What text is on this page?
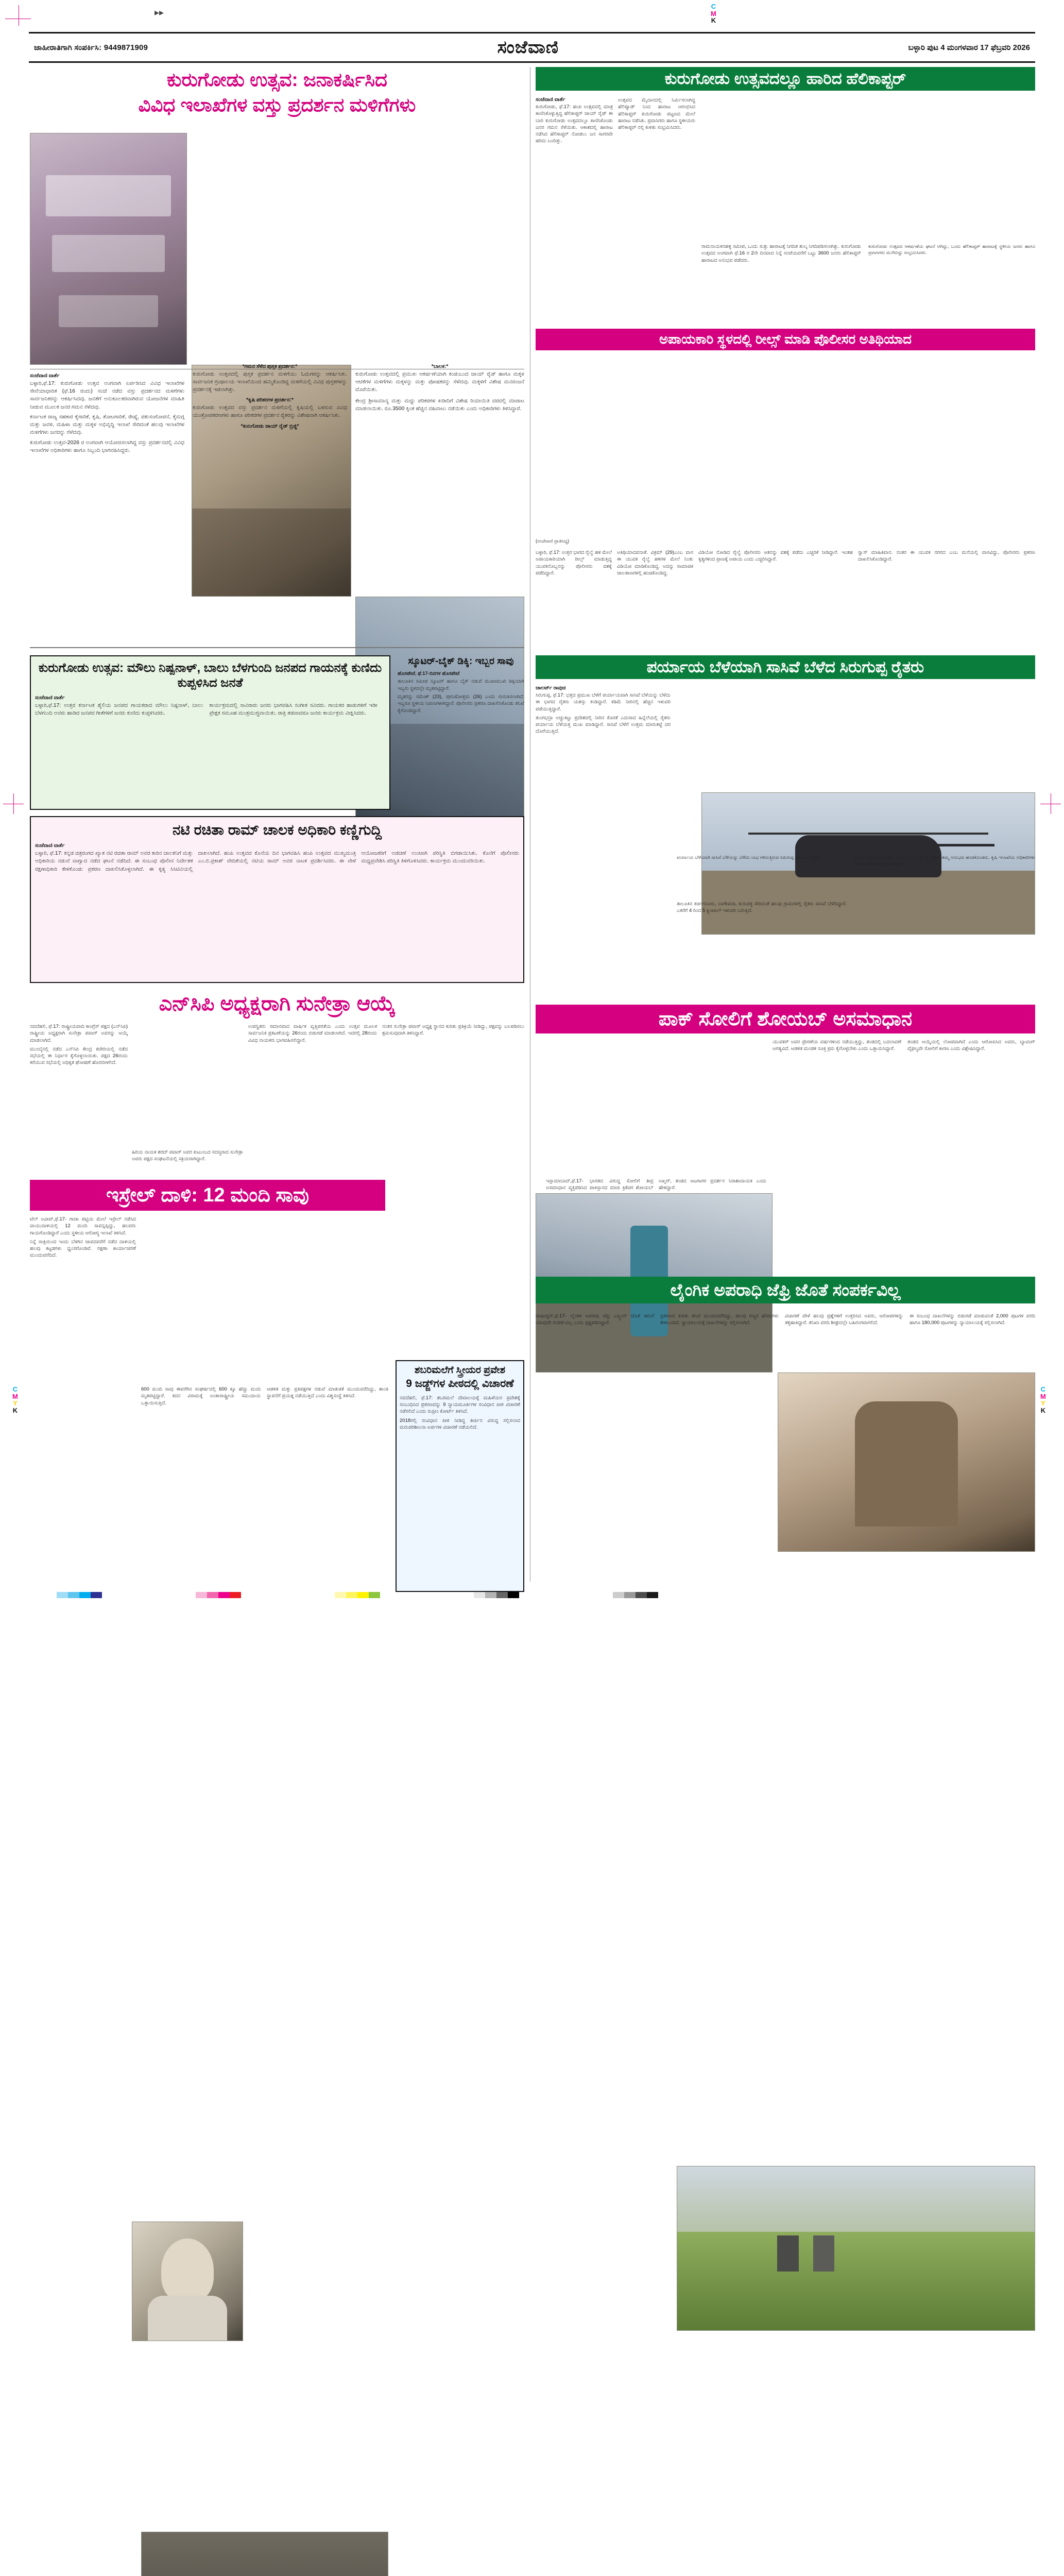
▸▸
C
M
K
ಜಾಹೀರಾತಿಗಾಗಿ ಸಂಪರ್ಕಿಸಿ: 9449871909	ಸಂಜೆವಾಣಿ	ಬಳ್ಳಾರಿ ಪುಟ 4 ಮಂಗಳವಾರ 17 ಫೆಬ್ರವರಿ 2026
ಕುರುಗೋಡು ಉತ್ಸವ: ಜನಾಕರ್ಷಿಸಿದ
ವಿವಿಧ ಇಲಾಖೆಗಳ ವಸ್ತು ಪ್ರದರ್ಶನ ಮಳಿಗೆಗಳು
ಸಂಜೆವಾಣಿ ವಾರ್ತೆ
ಬಳ್ಳಾರಿ,ಫೆ.17: ಕುರುಗೋಡು ಉತ್ಸವ ಅಂಗವಾಗಿ ಏರ್ಪಡಿಸಿದ ವಿವಿಧ ಇಲಾಖೆಗಳ ಸೇವೆಯಾಧಾರಿತ (ಫೆ.16 ರಂದು) ಸಂಜೆ ನಡೆದ ವಸ್ತು ಪ್ರದರ್ಶನದ ಮಳಿಗೆಗಳು ಸಾರ್ವಜನಿಕರನ್ನು ಆಕರ್ಷಿಸಿದವು. ಜನತೆಗೆ ಅನುಕೂಲಕರವಾಗಿರುವ ಯೋಜನೆಗಳ ಮಾಹಿತಿ ನೀಡುವ ಮೂಲಕ ಜನರ ಗಮನ ಸೆಳೆದವು.
ಕರ್ನಾಟಕ ರಾಜ್ಯ ಸಹಕಾರ ಕೈಗಾರಿಕೆ, ಕೃಷಿ, ತೋಟಗಾರಿಕೆ, ರೇಷ್ಮೆ, ಪಶುಸಂಗೋಪನೆ, ಕೈಮಗ್ಗ ಮತ್ತು ಜವಳಿ, ಮಹಿಳಾ ಮತ್ತು ಮಕ್ಕಳ ಅಭಿವೃದ್ಧಿ ಇಲಾಖೆ ಸೇರಿದಂತೆ ಹಲವು ಇಲಾಖೆಗಳ ಮಳಿಗೆಗಳು ಜನರನ್ನು ಸೆಳೆದವು.
ಕುರುಗೋಡು ಉತ್ಸವ-2026 ರ ಅಂಗವಾಗಿ ಆಯೋಜಿಸಲಾಗಿದ್ದ ವಸ್ತು ಪ್ರದರ್ಶನದಲ್ಲಿ ವಿವಿಧ ಇಲಾಖೆಗಳ ಅಧಿಕಾರಿಗಳು ಹಾಗೂ ಸಿಬ್ಬಂದಿ ಭಾಗವಹಿಸಿದ್ದರು.
*ಗಮನ ಸೆಳೆದ ಪುಸ್ತಕ ಪ್ರದರ್ಶನ:*
ಕುರುಗೋಡು ಉತ್ಸವದಲ್ಲಿ ಪುಸ್ತಕ ಪ್ರದರ್ಶನ ಮಳಿಗೆಯು ಓದುಗರನ್ನು ಆಕರ್ಷಿಸಿತು. ಸಾರ್ವಜನಿಕ ಗ್ರಂಥಾಲಯ ಇಲಾಖೆಯಿಂದ ಹಮ್ಮಿಕೊಂಡಿದ್ದ ಮಳಿಗೆಯಲ್ಲಿ ವಿವಿಧ ಪುಸ್ತಕಗಳನ್ನು ಪ್ರದರ್ಶನಕ್ಕೆ ಇಡಲಾಗಿತ್ತು.
*ಕೃಷಿ ಪರಿಕರಗಳ ಪ್ರದರ್ಶನ:*
ಕುರುಗೋಡು ಉತ್ಸವದ ವಸ್ತು ಪ್ರದರ್ಶನ ಮಳಿಗೆಯಲ್ಲಿ ಕೃಷಿಯಲ್ಲಿ ಬಳಸುವ ವಿವಿಧ ಯಂತ್ರೋಪಕರಣಗಳು ಹಾಗೂ ಪರಿಕರಗಳ ಪ್ರದರ್ಶನ ರೈತರನ್ನು ವಿಶೇಷವಾಗಿ ಆಕರ್ಷಿಸಿತು.
*ಕುರುಗೋಡು ಜಾಯ್ ರೈಡ್ ಬ್ರಿಜ್ಜಿ*
*ಬಾಲಕ:*
ಕುರುಗೋಡು ಉತ್ಸವದಲ್ಲಿ ಪ್ರಮುಖ ಆಕರ್ಷಣೆಯಾಗಿ ಕಂಡುಬಂದ ಜಾಯ್ ರೈಡ್ ಹಾಗೂ ಮಕ್ಕಳ ಆಟಿಕೆಗಳ ಮಳಿಗೆಗಳು ಮಕ್ಕಳನ್ನು ಮತ್ತು ಪೋಷಕರನ್ನು ಸೆಳೆದವು. ಮಕ್ಕಳಿಗೆ ವಿಶೇಷ ಮನರಂಜನೆ ದೊರೆಯಿತು.
ಕೇಂದ್ರ ಶ್ರೀಸಾಮಾನ್ಯ ಮತ್ತು ಮದ್ದು ಪರಿಕರಗಳ ಖರೀದಿಗೆ ವಿಶೇಷ ರಿಯಾಯಿತಿ ದರದಲ್ಲಿ ಮಾರಾಟ ಮಾಡಲಾಯಿತು. ರೂ.3500 ಕ್ಕಿಂತ ಹೆಚ್ಚಿನ ವಹಿವಾಟು ನಡೆಯಿತು ಎಂದು ಅಧಿಕಾರಿಗಳು ತಿಳಿಸಿದ್ದಾರೆ.
ಕುರುಗೋಡು ಉತ್ಸವದಲ್ಲೂ ಹಾರಿದ ಹೆಲಿಕಾಪ್ಟರ್
ಸಂಜೆವಾಣಿ ವಾರ್ತೆ
ಕುರುಗೋಡು, ಫೆ.17: ಹಂಪಿ ಉತ್ಸವದಲ್ಲಿ ಮಾತ್ರ ಕಾಣಿಸಿಕೊಳ್ಳುತ್ತಿದ್ದ ಹೆಲಿಕಾಪ್ಟರ್ ಜಾಯ್ ರೈಡ್ ಈ ಬಾರಿ ಕುರುಗೋಡು ಉತ್ಸವದಲ್ಲೂ ಕಾಣಿಸಿಕೊಂಡು ಜನರ ಗಮನ ಸೆಳೆಯಿತು. ಆಕಾಶದಲ್ಲಿ ಹಾರಾಟ ನಡೆಸಿದ ಹೆಲಿಕಾಪ್ಟರ್ ನೋಡಲು ಜನ ಸಾಗರವೇ ಹರಿದು ಬಂದಿತ್ತು.
ಉತ್ಸವದ ಮೈದಾನದಲ್ಲಿ ನಿರ್ಮಿಸಲಾಗಿದ್ದ ಹೆಲಿಪ್ಯಾಡ್ ನಿಂದ ಹಾರಾಟ ಆರಂಭಿಸಿದ ಹೆಲಿಕಾಪ್ಟರ್ ಕುರುಗೋಡು ಪಟ್ಟಣದ ಮೇಲೆ ಹಾರಾಟ ನಡೆಸಿತು. ಪ್ರವಾಸಿಗರು ಹಾಗೂ ಸ್ಥಳೀಯರು ಹೆಲಿಕಾಪ್ಟರ್ ನಲ್ಲಿ ಕುಳಿತು ಸಂಭ್ರಮಿಸಿದರು.
ರಾಮನಾಯಕನಹಳ್ಳಿ ಸಮೀಪ, ಒಂದು ಸುತ್ತು ಹಾರಾಟಕ್ಕೆ ನಿಗದಿತ ಶುಲ್ಕ ನಿಗದಿಪಡಿಸಲಾಗಿತ್ತು. ಕುರುಗೋಡು ಉತ್ಸವದ ಅಂಗವಾಗಿ ಫೆ.16 ರ 2ನೇ ದಿನವಾದ ನಿನ್ನೆ ಸಂಜೆಯವರೆಗೆ ಒಟ್ಟು 3600 ಜನರು ಹೆಲಿಕಾಪ್ಟರ್ ಹಾರಾಟದ ಅನುಭವ ಪಡೆದರು.
ಕುರುಗೋಡು ಉತ್ಸವದ ಆಕರ್ಷಣೆಯ ಘಟನೆ ಆಗಿದ್ದು, ಒಂದು ಹೆಲಿಕಾಪ್ಟರ್ ಹಾರಾಟಕ್ಕೆ ಸ್ಥಳೀಯ ಜನರು ಹಾಗೂ ಪ್ರವಾಸಿಗರು ಮುಗಿಬಿದ್ದು ಸಂಭ್ರಮಿಸಿದರು.
ಅಪಾಯಕಾರಿ ಸ್ಥಳದಲ್ಲಿ ರೀಲ್ಸ್ ಮಾಡಿ ಪೊಲೀಸರ ಅತಿಥಿಯಾದ
(ಸಂಜೆವಾಣಿ ಪ್ರಾತಿನಿಧ್ಯ)
ಬಳ್ಳಾರಿ, ಫೆ.17: ಉತ್ತರ ಭಾಗದ ರೈಲ್ವೆ ಹಳಿ ಮೇಲೆ ಅಪಾಯಕಾರಿಯಾಗಿ ರೀಲ್ಸ್ ಮಾಡುತ್ತಿದ್ದ ಯುವಕನೊಬ್ಬನನ್ನು ಪೊಲೀಸರು ವಶಕ್ಕೆ ಪಡೆದಿದ್ದಾರೆ.
ಅತಿಥಿಯಾದವನಾತೆ. ವಿಕ್ರಮ್ (29)ಎಂಬ ವಾಸ ಈ ಯುವಕ ರೈಲ್ವೆ ಹಳಿಗಳ ಮೇಲೆ ನಿಂತು ವಿಡಿಯೋ ಮಾಡಿಕೊಂಡಿದ್ದ. ಅದನ್ನು ಸಾಮಾಜಿಕ ಜಾಲತಾಣಗಳಲ್ಲಿ ಹಂಚಿಕೊಂಡಿದ್ದ.
ವಿಡಿಯೋ ನೋಡಿದ ರೈಲ್ವೆ ಪೊಲೀಸರು ಆತನನ್ನು ವಶಕ್ಕೆ ಪಡೆದು ಎಚ್ಚರಿಕೆ ನೀಡಿದ್ದಾರೆ. ಇಂತಹ ಕೃತ್ಯಗಳಿಂದ ಪ್ರಾಣಕ್ಕೆ ಅಪಾಯ ಎಂದು ಎಚ್ಚರಿಸಿದ್ದಾರೆ.
ಸ್ವಾಸ್ ಮಾಹಿತಿವಾನ. ನಂತರ ಈ ಯುವಕ ನಗರದ ಎಂಬ ಮನೆಯಲ್ಲಿ ವಾಸವಿದ್ದು, ಪೊಲೀಸರು ಪ್ರಕರಣ ದಾಖಲಿಸಿಕೊಂಡಿದ್ದಾರೆ.
ಕುರುಗೋಡು ಉತ್ಸವ: ಮೌಲು ನಿಷ್ಪನಾಳ್, ಬಾಲು ಬೆಳಗುಂದಿ ಜನಪದ ಗಾಯನಕ್ಕೆ ಕುಣಿದು ಕುಪ್ಪಳಿಸಿದ ಜನತೆ
ಸಂಜೆವಾಣಿ ವಾರ್ತೆ
ಬಳ್ಳಾರಿ,ಫೆ.17: ಉತ್ತರ ಕರ್ನಾಟಕ ಶೈಲಿಯ ಜನಪದ ಗಾಯಕರಾದ ಮೌಲು ನಿಷ್ಪನಾಳ್, ಬಾಲು ಬೆಳಗುಂದಿ ಅವರು ಹಾಡಿದ ಜನಪದ ಗೀತೆಗಳಿಗೆ ಜನರು ಕುಣಿದು ಕುಪ್ಪಳಿಸಿದರು.
ಕಾರ್ಯಕ್ರಮದಲ್ಲಿ ಸಾವಿರಾರು ಜನರು ಭಾಗವಹಿಸಿ ಸಂಗೀತ ಸವಿದರು. ಗಾಯಕರ ಹಾಡುಗಳಿಗೆ ಇಡೀ ಪ್ರೇಕ್ಷಕ ಸಮೂಹ ಮಂತ್ರಮುಗ್ಧವಾಯಿತು. ರಾತ್ರಿ ತಡವಾದರೂ ಜನರು ಕಾರ್ಯಕ್ರಮ ವೀಕ್ಷಿಸಿದರು.
ಸ್ಕೂಟರ್-ಬೈಕ್ ಡಿಕ್ಕಿ: ಇಬ್ಬರ ಸಾವು
ಹೊಸಪೇಟೆ, ಫೆ.17-ದಿನಗಳ ಹೊಸಪೇಟೆ
ತಾಲೂಕಿನ ಸಮೀಪ ಸ್ಕೂಟರ್ ಹಾಗೂ ಬೈಕ್ ನಡುವೆ ಮುಖಾಮುಖಿ ಡಿಕ್ಕಿಯಾಗಿ ಇಬ್ಬರು ಸ್ಥಳದಲ್ಲೇ ಮೃತಪಟ್ಟಿದ್ದಾರೆ.
ಮೃತರನ್ನು ರಮೇಶ್ (23), ಪುರುಷೋತ್ತಮ (26) ಎಂದು ಗುರುತಿಸಲಾಗಿದೆ. ಇಬ್ಬರೂ ಸ್ಥಳೀಯ ನಿವಾಸಿಗಳಾಗಿದ್ದಾರೆ. ಪೊಲೀಸರು ಪ್ರಕರಣ ದಾಖಲಿಸಿಕೊಂಡು ತನಿಖೆ ಕೈಗೊಂಡಿದ್ದಾರೆ.
ನಟಿ ರಚಿತಾ ರಾಮ್ ಚಾಲಕ ಅಧಿಕಾರಿ ಕಣ್ಣಿಗುದ್ದಿ
ಸಂಜೆವಾಣಿ ವಾರ್ತೆ
ಬಳ್ಳಾರಿ, ಫೆ.17: ಕನ್ನಡ ಚಿತ್ರರಂಗದ ಖ್ಯಾತ ನಟಿ ರಚಿತಾ ರಾಮ್ ಅವರ ಕಾರಿನ ಚಾಲಕನಿಗೆ ಮತ್ತು ಅಧಿಕಾರಿಯ ನಡುವೆ ವಾಗ್ವಾದ ನಡೆದ ಘಟನೆ ನಡೆದಿದೆ. ಈ ಸಂಬಂಧ ಪೊಲೀಸ ನಿರ್ದೇಶಕ ರಕ್ಷಣಾಧಿಕಾರಿ ಕೇಳಿಕೊಂಡು ಪ್ರಕರಣ ದಾಖಲಿಸಿಕೊಳ್ಳಲಾಗಿದೆ. ಈ ಕೃತ್ಯ ಸಿಸಿಟಿವಿಯಲ್ಲಿ ದಾಖಲಾಗಿದೆ. ಹಂಪಿ ಉತ್ಸವದ ಕೊನೆಯ ದಿನ ಭಾಗವಹಿಸಿ ಹಂಪಿ ಉತ್ಸವದ ಮುಖ್ಯಮಂತ್ರಿ ಎಂ.ಬಿ.ಪ್ರಕಾಶ್ ವೇದಿಕೆಯಲ್ಲಿ ನಟಿಯ ರಾಮ್ ಅವರ ನಾಟಕ ಪ್ರದರ್ಶಿಸಿದರು. ಈ ವೇಳೆ ಆಯೋಜಕರಿಗೆ ಅಡಚಣೆ ಉಂಟಾಗಿ ಪರಿಸ್ಥಿತಿ ಬಿಗಡಾಯಿಸಿತು. ಕೊನೆಗೆ ಪೊಲೀಸರು ಮಧ್ಯಪ್ರವೇಶಿಸಿ ಪರಿಸ್ಥಿತಿ ತಿಳಿಗೊಳಿಸಿದರು. ಕಾರ್ಯಕ್ರಮ ಮುಂದುವರಿಯಿತು.
ಎನ್‌ಸಿಪಿ ಅಧ್ಯಕ್ಷರಾಗಿ ಸುನೇತ್ರಾ ಆಯ್ಕೆ
ನವದೆಹಲಿ, ಫೆ.17: ರಾಷ್ಟ್ರೀಯವಾದಿ ಕಾಂಗ್ರೆಸ್ ಪಕ್ಷದ (ಎನ್‌ಸಿಪಿ) ರಾಷ್ಟ್ರೀಯ ಅಧ್ಯಕ್ಷರಾಗಿ ಸುನೇತ್ರಾ ಪವಾರ್ ಅವರನ್ನು ಆಯ್ಕೆ ಮಾಡಲಾಗಿದೆ.
ಮುಂಬೈನಲ್ಲಿ ನಡೆದ ಎನ್‌ಸಿಪಿ ಕೇಂದ್ರ ಕಚೇರಿಯಲ್ಲಿ ನಡೆದ ಸಭೆಯಲ್ಲಿ ಈ ನಿರ್ಧಾರ ಕೈಗೊಳ್ಳಲಾಯಿತು. ಪಕ್ಷದ 26ರಂದು ಕರೆಯುವ ಸಭೆಯಲ್ಲಿ ಅಧಿಕೃತ ಘೋಷಣೆ ಹೊರಬೀಳಲಿದೆ.
ಹಿರಿಯ ನಾಯಕ ಶರದ್ ಪವಾರ್ ಅವರ ಕುಟುಂಬದ ಸದಸ್ಯರಾದ ಸುನೇತ್ರಾ ಅವರು ಪಕ್ಷದ ಸಂಘಟನೆಯಲ್ಲಿ ಸಕ್ರಿಯರಾಗಿದ್ದಾರೆ.
ಉಪಸ್ಥಿತರು ಸಮಾನವಾದ ವಾರ್ಷಿಕ ವೃತ್ತಿಪರತೆಯ ಎಂದು ಉತ್ಸವ ಮೂಲಕ ಸಾರ್ವಜನಿಕ ಪ್ರಕಟಣೆಯನ್ನು 26ರಂದು ಬಿಡುಗಡೆ ಮಾಡಲಾಗಿದೆ. ಇದರಲ್ಲಿ 28ರಂದು ವಿವಿಧ ನಾಯಕರು ಭಾಗವಹಿಸಲಿದ್ದಾರೆ.
ನಂತರ ಸುನೇತ್ರಾ ಪವಾರ್ ಅಧ್ಯಕ್ಷ ಸ್ಥಾನದ ಕುರಿತು ಪ್ರತಿಕ್ರಿಯೆ ನೀಡಿದ್ದು, ಪಕ್ಷವನ್ನು ಬಲಪಡಿಸಲು ಶ್ರಮಿಸುವುದಾಗಿ ತಿಳಿಸಿದ್ದಾರೆ.
ಇಸ್ರೇಲ್ ದಾಳಿ: 12 ಮಂದಿ ಸಾವು
ಟೆಲ್ ಅವೀವ್,ಫೆ.17- ಗಾಜಾ ಪಟ್ಟಿಯ ಮೇಲೆ ಇಸ್ರೇಲ್ ನಡೆಸಿದ ವಾಯುದಾಳಿಯಲ್ಲಿ 12 ಮಂದಿ ಸಾವನ್ನಪ್ಪಿದ್ದು, ಹಲವರು ಗಾಯಗೊಂಡಿದ್ದಾರೆ ಎಂದು ಸ್ಥಳೀಯ ಆರೋಗ್ಯ ಇಲಾಖೆ ತಿಳಿಸಿದೆ.
ನಿನ್ನೆ ರಾತ್ರಿಯಿಂದ ಇಂದು ಬೆಳಗಿನ ಜಾವದವರೆಗೆ ನಡೆದ ದಾಳಿಯಲ್ಲಿ ಹಲವು ಕಟ್ಟಡಗಳು ಧ್ವಂಸಗೊಂಡಿವೆ. ರಕ್ಷಣಾ ಕಾರ್ಯಾಚರಣೆ ಮುಂದುವರೆದಿದೆ.
600 ಮಂದಿ ಸಾವು ಈವರೆಗಿನ ಸಂಘರ್ಷದಲ್ಲಿ 600 ಕ್ಕೂ ಹೆಚ್ಚು ಮಂದಿ ಮೃತಪಟ್ಟಿದ್ದಾರೆ. ಕದನ ವಿರಾಮಕ್ಕೆ ಅಂತಾರಾಷ್ಟ್ರೀಯ ಸಮುದಾಯ ಒತ್ತಾಯಿಸುತ್ತಿದೆ.
ಆಡಳಿತ ಮತ್ತು ಪ್ರತಿಪಕ್ಷಗಳ ನಡುವೆ ಮಾತುಕತೆ ಮುಂದುವರೆದಿದ್ದು, ಶಾಂತಿ ಸ್ಥಾಪನೆಗೆ ಪ್ರಯತ್ನ ನಡೆಯುತ್ತಿದೆ ಎಂದು ವಿಶ್ವಸಂಸ್ಥೆ ತಿಳಿಸಿದೆ.
ಶಬರಿಮಲೆಗೆ ಸ್ತ್ರೀಯರ ಪ್ರವೇಶ
9 ಜಡ್ಜ್‌ಗಳ ಪೀಠದಲ್ಲಿ ವಿಚಾರಣೆ
ನವದೆಹಲಿ, ಫೆ.17: ಶಬರಿಮಲೆ ದೇವಾಲಯಕ್ಕೆ ಮಹಿಳೆಯರ ಪ್ರವೇಶಕ್ಕೆ ಸಂಬಂಧಿಸಿದ ಪ್ರಕರಣವನ್ನು 9 ನ್ಯಾಯಮೂರ್ತಿಗಳ ಸಂವಿಧಾನ ಪೀಠ ವಿಚಾರಣೆ ನಡೆಸಲಿದೆ ಎಂದು ಸುಪ್ರೀಂ ಕೋರ್ಟ್ ತಿಳಿಸಿದೆ.
2018ರಲ್ಲಿ ಸಂವಿಧಾನ ಪೀಠ ನೀಡಿದ್ದ ತೀರ್ಪಿನ ವಿರುದ್ಧ ಸಲ್ಲಿಸಲಾದ ಮರುಪರಿಶೀಲನಾ ಅರ್ಜಿಗಳ ವಿಚಾರಣೆ ನಡೆಯಲಿದೆ.
ಪರ್ಯಾಯ ಬೆಳೆಯಾಗಿ ಸಾಸಿವೆ ಬೆಳೆದ ಸಿರುಗುಪ್ಪ ರೈತರು
ಚಾಲರ್ಟ್ ರಾವುಚ
ಸಿರುಗುಪ್ಪ, ಫೆ.17: ಭತ್ತದ ಪ್ರಮುಖ ಬೆಳೆಗೆ ಪರ್ಯಾಯವಾಗಿ ಸಾಸಿವೆ ಬೆಳೆಯನ್ನು ಬೆಳೆದು ಈ ಭಾಗದ ರೈತರು ಯಶಸ್ಸು ಕಂಡಿದ್ದಾರೆ. ಕಡಿಮೆ ನೀರಿನಲ್ಲಿ ಹೆಚ್ಚಿನ ಇಳುವರಿ ಪಡೆಯುತ್ತಿದ್ದಾರೆ.
ತುಂಗಭದ್ರಾ ಅಚ್ಚುಕಟ್ಟು ಪ್ರದೇಶದಲ್ಲಿ ನೀರಿನ ಕೊರತೆ ಎದುರಾದ ಹಿನ್ನೆಲೆಯಲ್ಲಿ ರೈತರು ಪರ್ಯಾಯ ಬೆಳೆಯತ್ತ ಮುಖ ಮಾಡಿದ್ದಾರೆ. ಸಾಸಿವೆ ಬೆಳೆಗೆ ಉತ್ತಮ ಮಾರುಕಟ್ಟೆ ದರ ದೊರೆಯುತ್ತಿದೆ.
ಪರ್ಯಾಯ ಬೆಳೆಯಾಗಿ ಸಾಸಿವೆ ಬೆಳೆಯನ್ನು ಬೆಳೆದು ಲಾಭ ಗಳಿಸುತ್ತಿರುವ ಸಿರುಗುಪ್ಪ ತಾಲೂಕಿನ ರೈತರು.	ಸಾಸಿವೆ ಬೆಳೆಯಿಂದ ಉತ್ತಮ ಆದಾಯ ಗಳಿಸುತ್ತಿರುವ ರೈತರು ತಮ್ಮ ಅನುಭವ ಹಂಚಿಕೊಂಡರು. ಕೃಷಿ ಇಲಾಖೆಯ ಅಧಿಕಾರಿಗಳು ರೈತರಿಗೆ ಮಾರ್ಗದರ್ಶನ ನೀಡಿದ್ದಾರೆ.
ತಾಲೂಕಿನ ಕರ್ಚಿಗನೂರು, ಬಾಗೇವಾಡಿ, ಕುರುವಳ್ಳಿ ಸೇರಿದಂತೆ ಹಲವು ಗ್ರಾಮಗಳಲ್ಲಿ ರೈತರು ಸಾಸಿವೆ ಬೆಳೆದಿದ್ದಾರೆ. ಎಕರೆಗೆ 4 ರಿಂದ 5 ಕ್ವಿಂಟಾಲ್ ಇಳುವರಿ ಬರುತ್ತಿದೆ.
ಪಾಕ್ ಸೋಲಿಗೆ ಶೋಯಬ್ ಅಸಮಾಧಾನ
ಯುವಕರ್ ಅವರ ಪ್ರೇರಣೆಯ ವರ್ಷಗಳಿಂದ ನಡೆಯುತ್ತಿದ್ದು, ತಂಡದಲ್ಲಿ ಬದಲಾವಣೆ ಅಗತ್ಯವಿದೆ. ಆಡಳಿತ ಮಂಡಳಿ ಸೂಕ್ತ ಕ್ರಮ ಕೈಗೊಳ್ಳಬೇಕು ಎಂದು ಒತ್ತಾಯಿಸಿದ್ದಾರೆ.
ತಂಡದ ಆಯ್ಕೆಯಲ್ಲಿ ಲೋಪವಾಗಿದೆ ಎಂದು ಆರೋಪಿಸಿದ ಅವರು, ಬ್ಯಾಟಿಂಗ್ ವೈಫಲ್ಯವೇ ಸೋಲಿಗೆ ಕಾರಣ ಎಂದು ವಿಶ್ಲೇಷಿಸಿದ್ದಾರೆ.
ಇಸ್ಲಾಮಾಬಾದ್,ಫೆ.17- ಭಾರತದ ವಿರುದ್ಧ ಸೋಲಿಗೆ ತೀವ್ರ ಅಸಮಾಧಾನ ವ್ಯಕ್ತಪಡಿಸಿದ ಪಾಕಿಸ್ತಾನದ ಮಾಜಿ ಕ್ರಿಕೆಟಿಗ ಶೋಯಬ್ ಅಖ್ತರ್, ತಂಡದ ಆಟಗಾರರ ಪ್ರದರ್ಶನ ನಿರಾಶಾದಾಯಕ ಎಂದು ಹೇಳಿದ್ದಾರೆ.
ಲೈಂಗಿಕ ಅಪರಾಧಿ ಜೆಫ್ರಿ ಜೊತೆ ಸಂಪರ್ಕವಿಲ್ಲ
ವಾಷಿಂಗ್ಟನ್,ಫೆ.17- ಲೈಂಗಿಕ ಅಪರಾಧಿ ಜೆಫ್ರಿ ಎಪ್ಸ್ಟೀನ್ ಜೊತೆ ತಮಗೆ ಯಾವುದೇ ಸಂಪರ್ಕವಿಲ್ಲ ಎಂದು ಸ್ಪಷ್ಟಪಡಿಸಿದ್ದಾರೆ.
ಪ್ರಕರಣದ ಕುರಿತು ತನಿಖೆ ಮುಂದುವರೆದಿದ್ದು, ಹಲವು ಗಣ್ಯರ ಹೆಸರುಗಳು ಕೇಳಿಬಂದಿವೆ. ನ್ಯಾಯಾಲಯಕ್ಕೆ ದಾಖಲೆಗಳನ್ನು ಸಲ್ಲಿಸಲಾಗಿದೆ.
ವಿಚಾರಣೆ ವೇಳೆ ಹಲವು ಪ್ರಶ್ನೆಗಳಿಗೆ ಉತ್ತರಿಸಿದ ಅವರು, ಆರೋಪಗಳನ್ನು ತಳ್ಳಿಹಾಕಿದ್ದಾರೆ. ತನಿಖಾ ವರದಿ ಶೀಘ್ರದಲ್ಲೇ ಬಹಿರಂಗವಾಗಲಿದೆ.
ಈ ಸಂಬಂಧ ದಾಖಲೆಗಳನ್ನು ಬಿಡುಗಡೆ ಮಾಡುವಂತೆ 2,000 ಪುಟಗಳ ವರದಿ ಹಾಗೂ 180,000 ಪುಟಗಳನ್ನು ನ್ಯಾಯಾಲಯಕ್ಕೆ ಸಲ್ಲಿಸಲಾಗಿದೆ.
C
M
Y
K
C
M
Y
K
